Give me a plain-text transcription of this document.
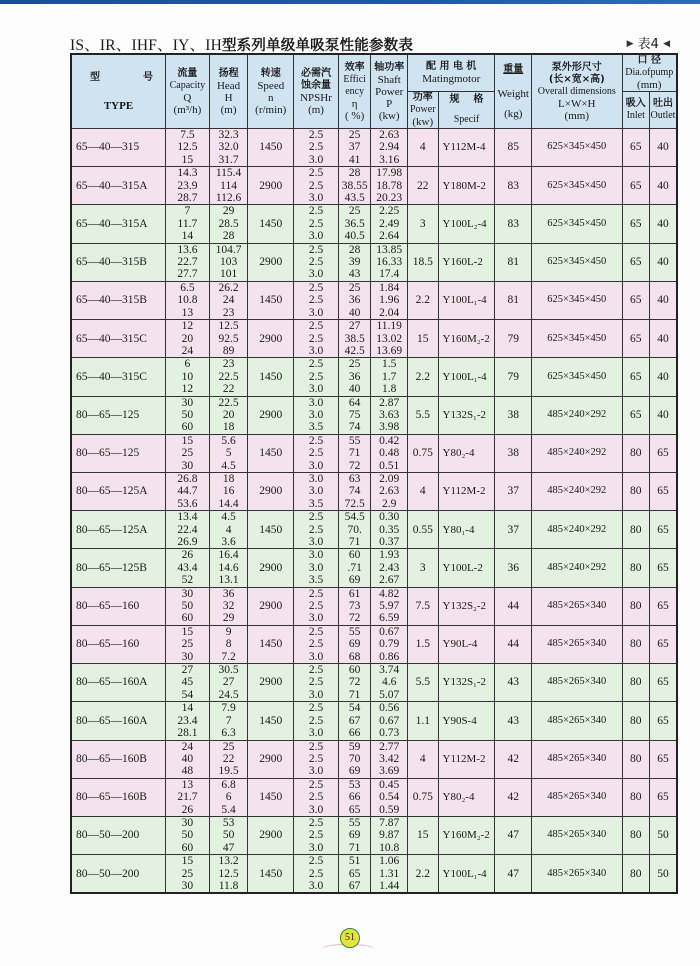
IS、IR、IHF、IY、IH型系列单级单吸泵性能参数表	▶ 表4 ◀
型 号
TYPE	流量
Capacity
Q
(m³/h)	扬程
Head
H
(m)	转速
Speed
n
(r/min)	必需汽
蚀余量
NPSHr
(m)	效率
Effici
ency
η
( %)	轴功率
Shaft
Power
P
(kw)	配 用 电 机
Matingmotor		重量
Weight
(kg)	泵外形尺寸
(长×宽×高)
Overall dimensions
L×W×H
(mm)	口 径
Dia.ofpump
(mm)	

							功率
Power
(kw)	规    格
Specif			吸入
Inlet	吐出
Outlet

65—40—315	7.5
12.5
15	32.3
32.0
31.7	1450	2.5
2.5
3.0	25
37
41	2.63
2.94
3.16	4	Y112M-4	85	625×345×450	65	40
65—40—315A	14.3
23.9
28.7	115.4
114
112.6	2900	2.5
2.5
3.0	28
38.55
43.5	17.98
18.78
20.23	22	Y180M-2	83	625×345×450	65	40
65—40—315A	7
11.7
14	29
28.5
28	1450	2.5
2.5
3.0	25
36.5
40.5	2.25
2.49
2.64	3	Y100L₂-4	83	625×345×450	65	40
65—40—315B	13.6
22.7
27.7	104.7
103
101	2900	2.5
2.5
3.0	28
39
43	13.85
16.33
17.4	18.5	Y160L-2	81	625×345×450	65	40
65—40—315B	6.5
10.8
13	26.2
24
23	1450	2.5
2.5
3.0	25
36
40	1.84
1.96
2.04	2.2	Y100L₁-4	81	625×345×450	65	40
65—40—315C	12
20
24	12.5
92.5
89	2900	2.5
2.5
3.0	27
38.5
42.5	11.19
13.02
13.69	15	Y160M₂-2	79	625×345×450	65	40
65—40—315C	6
10
12	23
22.5
22	1450	2.5
2.5
3.0	25
36
40	1.5
1.7
1.8	2.2	Y100L₁-4	79	625×345×450	65	40
80—65—125	30
50
60	22.5
20
18	2900	3.0
3.0
3.5	64
75
74	2.87
3.63
3.98	5.5	Y132S₁-2	38	485×240×292	65	40
80—65—125	15
25
30	5.6
5
4.5	1450	2.5
2.5
3.0	55
71
72	0.42
0.48
0.51	0.75	Y80₂-4	38	485×240×292	80	65
80—65—125A	26.8
44.7
53.6	18
16
14.4	2900	3.0
3.0
3.5	63
74
72.5	2.09
2.63
2.9	4	Y112M-2	37	485×240×292	80	65
80—65—125A	13.4
22.4
26.9	4.5
4
3.6	1450	2.5
2.5
3.0	54.5
70.
71	0.30
0.35
0.37	0.55	Y80₁-4	37	485×240×292	80	65
80—65—125B	26
43.4
52	16.4
14.6
13.1	2900	3.0
3.0
3.5	60
.71
69	1.93
2.43
2.67	3	Y100L-2	36	485×240×292	80	65
80—65—160	30
50
60	36
32
29	2900	2.5
2.5
3.0	61
73
72	4.82
5.97
6.59	7.5	Y132S₂-2	44	485×265×340	80	65
80—65—160	15
25
30	9
8
7.2	1450	2.5
2.5
3.0	55
69
68	0.67
0.79
0.86	1.5	Y90L-4	44	485×265×340	80	65
80—65—160A	27
45
54	30.5
27
24.5	2900	2.5
2.5
3.0	60
72
71	3.74
4.6
5.07	5.5	Y132S₁-2	43	485×265×340	80	65
80—65—160A	14
23.4
28.1	7.9
7
6.3	1450	2.5
2.5
3.0	54
67
66	0.56
0.67
0.73	1.1	Y90S-4	43	485×265×340	80	65
80—65—160B	24
40
48	25
22
19.5	2900	2.5
2.5
3.0	59
70
69	2.77
3.42
3.69	4	Y112M-2	42	485×265×340	80	65
80—65—160B	13
21.7
26	6.8
6
5.4	1450	2.5
2.5
3.0	53
66
65	0.45
0.54
0.59	0.75	Y80₂-4	42	485×265×340	80	65
80—50—200	30
50
60	53
50
47	2900	2.5
2.5
3.0	55
69
71	7.87
9.87
10.8	15	Y160M₂-2	47	485×265×340	80	50
80—50—200	15
25
30	13.2
12.5
11.8	1450	2.5
2.5
3.0	51
65
67	1.06
1.31
1.44	2.2	Y100L₁-4	47	485×265×340	80	50
51
